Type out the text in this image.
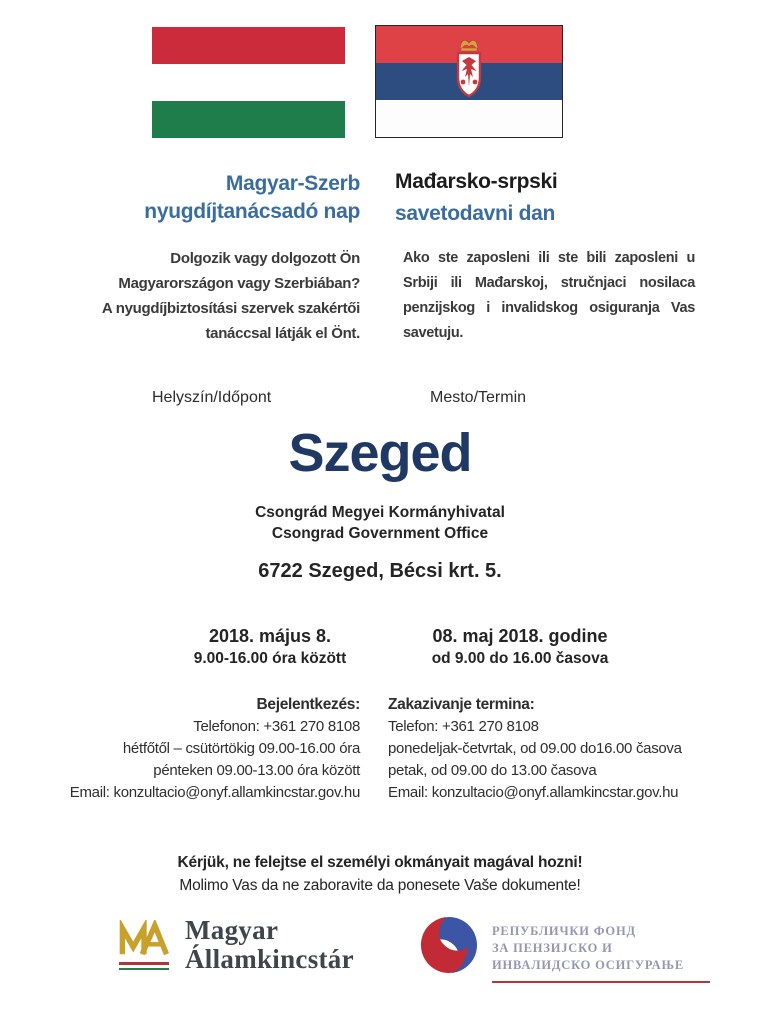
Magyar-Szerb
nyugdíjtanácsadó nap
Mađarsko-srpski
savetodavni dan
Dolgozik vagy dolgozott Ön
Magyarországon vagy Szerbiában?
A nyugdíjbiztosítási szervek szakértői
tanáccsal látják el Önt.
Ako ste zaposleni ili ste bili zaposleni u
Srbiji ili Mađarskoj, stručnjaci nosilaca
penzijskog i invalidskog osiguranja Vas
savetuju.
Helyszín/Időpont	Mesto/Termin
Szeged
Csongrád Megyei Kormányhivatal
Csongrad Government Office
6722 Szeged, Bécsi krt. 5.
2018. május 8.
9.00-16.00 óra között
08. maj 2018. godine
od 9.00 do 16.00 časova
Bejelentkezés:
Telefonon: +361 270 8108
hétfőtől – csütörtökig 09.00-16.00 óra
pénteken 09.00-13.00 óra között
Email: konzultacio@onyf.allamkincstar.gov.hu
Zakazivanje termina:
Telefon: +361 270 8108
ponedeljak-četvrtak, od 09.00 do16.00 časova
petak, od 09.00 do 13.00 časova
Email: konzultacio@onyf.allamkincstar.gov.hu
Kérjük, ne felejtse el személyi okmányait magával hozni!
Molimo Vas da ne zaboravite da ponesete Vaše dokumente!
Magyar
Államkincstár
РЕПУБЛИЧКИ ФОНД
ЗА ПЕНЗИЈСКО И
ИНВАЛИДСКО ОСИГУРАЊЕ
